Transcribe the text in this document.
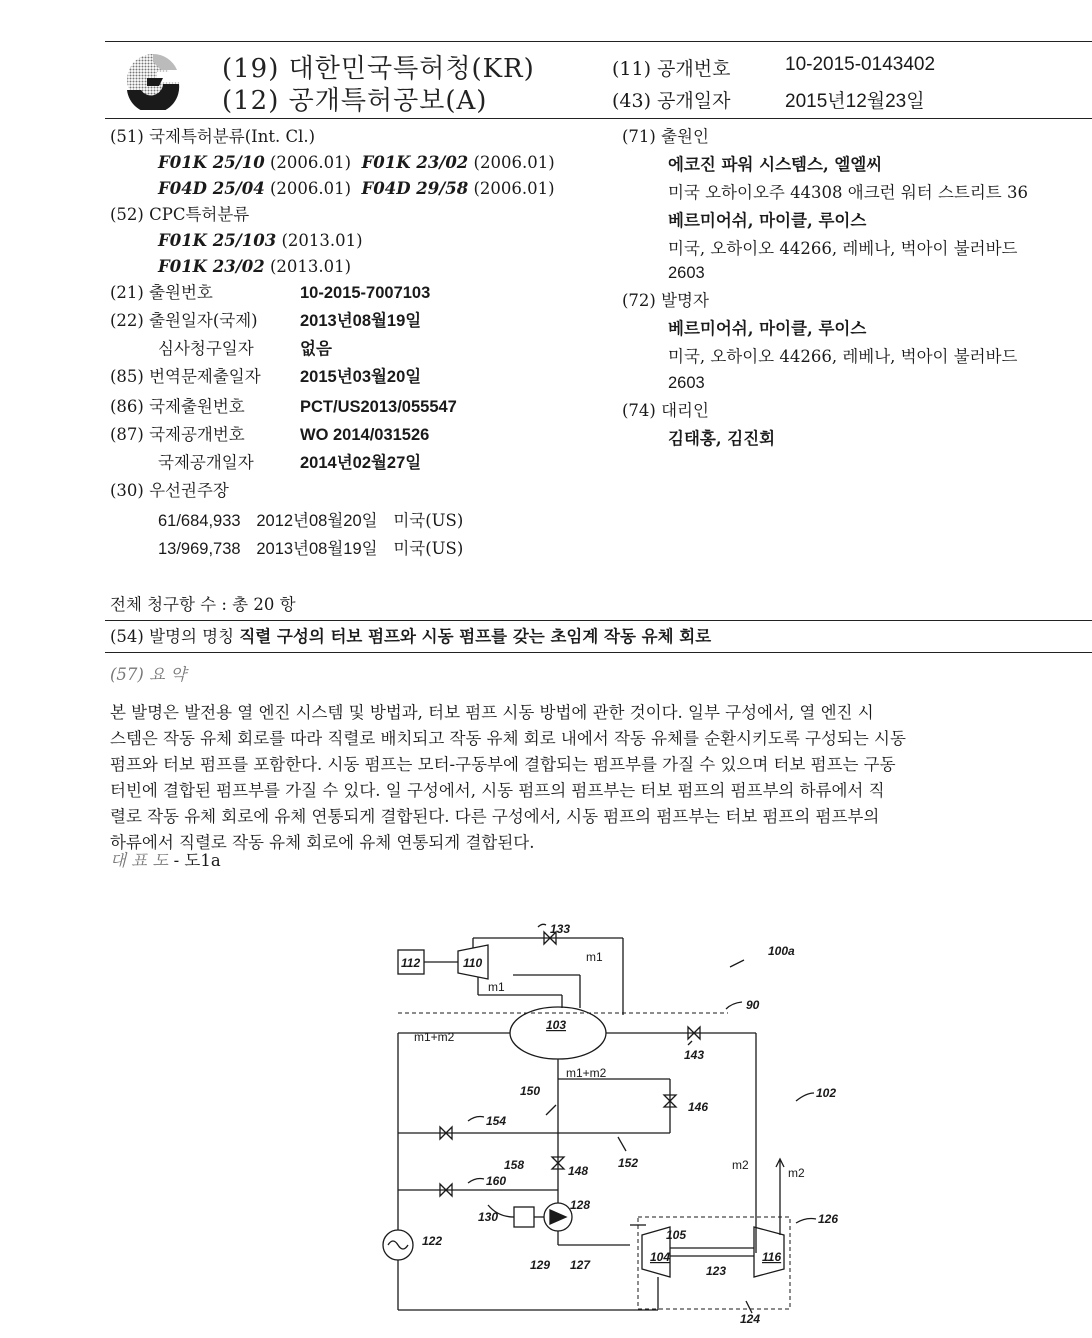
(19) 대한민국특허청(KR)
(12) 공개특허공보(A)
(11) 공개번호	10-2015-0143402
(43) 공개일자	2015년12월23일
(51) 국제특허분류(Int. Cl.)
F01K 25/10 (2006.01) F01K 23/02 (2006.01)
F04D 25/04 (2006.01) F04D 29/58 (2006.01)
(52) CPC특허분류
F01K 25/103 (2013.01)
F01K 23/02 (2013.01)
(21) 출원번호	10-2015-7007103
(22) 출원일자(국제)	2013년08월19일
심사청구일자	없음
(85) 번역문제출일자 2015년03월20일
(86) 국제출원번호	PCT/US2013/055547
(87) 국제공개번호	WO 2014/031526
국제공개일자	2014년02월27일
(30) 우선권주장
61/684,933 2012년08월20일 미국(US)
13/969,738 2013년08월19일 미국(US)
(71) 출원인
에코진 파워 시스템스, 엘엘씨
미국 오하이오주 44308 애크런 워터 스트리트 36
베르미어쉬, 마이클, 루이스
미국, 오하이오 44266, 레베나, 벅아이 불러바드
2603
(72) 발명자
베르미어쉬, 마이클, 루이스
미국, 오하이오 44266, 레베나, 벅아이 불러바드
2603
(74) 대리인
김태홍, 김진회
전체 청구항 수 : 총 20 항
(54) 발명의 명칭 직렬 구성의 터보 펌프와 시동 펌프를 갖는 초임계 작동 유체 회로
(57) 요 약

본 발명은 발전용 열 엔진 시스템 및 방법과, 터보 펌프 시동 방법에 관한 것이다. 일부 구성에서, 열 엔진 시

스템은 작동 유체 회로를 따라 직렬로 배치되고 작동 유체 회로 내에서 작동 유체를 순환시키도록 구성되는 시동

펌프와 터보 펌프를 포함한다. 시동 펌프는 모터-구동부에 결합되는 펌프부를 가질 수 있으며 터보 펌프는 구동

터빈에 결합된 펌프부를 가질 수 있다. 일 구성에서, 시동 펌프의 펌프부는 터보 펌프의 펌프부의 하류에서 직

렬로 작동 유체 회로에 유체 연통되게 결합된다. 다른 구성에서, 시동 펌프의 펌프부는 터보 펌프의 펌프부의

하류에서 직렬로 작동 유체 회로에 유체 연통되게 결합된다.

대 표 도 - 도1a
112	110
133
100a
90
103
143
102
150
146
154
152
158	148
160
128
130	126
122	105
129 127
104	116
123
124
m1
m1
m1+m2
m1+m2
m2
m2
